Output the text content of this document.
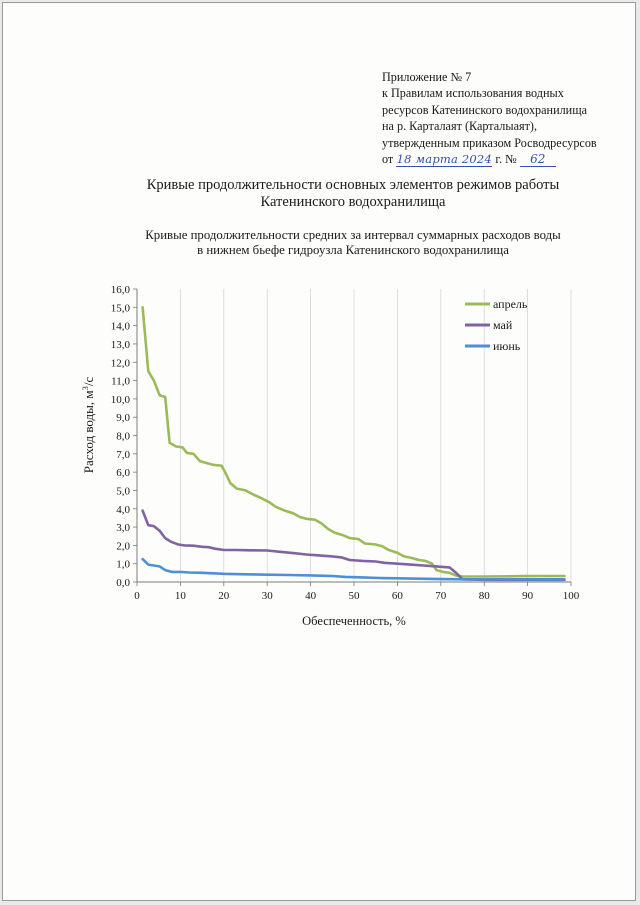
Приложение № 7
к Правилам использования водных
ресурсов Катенинского водохранилища
на р. Карталаят (Карталыаят),
утвержденным приказом Росводресурсов
от 18 марта 2024 г. № 62
Кривые продолжительности основных элементов режимов работы
Катенинского водохранилища
Кривые продолжительности средних за интервал суммарных расходов воды
в нижнем бьефе гидроузла Катенинского водохранилища
0,0
1,0
2,0
3,0
4,0
5,0
6,0
7,0
8,0
9,0
10,0
11,0
12,0
13,0
14,0
15,0
16,0
0	10	20	30	40	50	60	70	80	90	100
апрель
май
июнь
Расход воды, $м^3/с$
Обеспеченность, %
